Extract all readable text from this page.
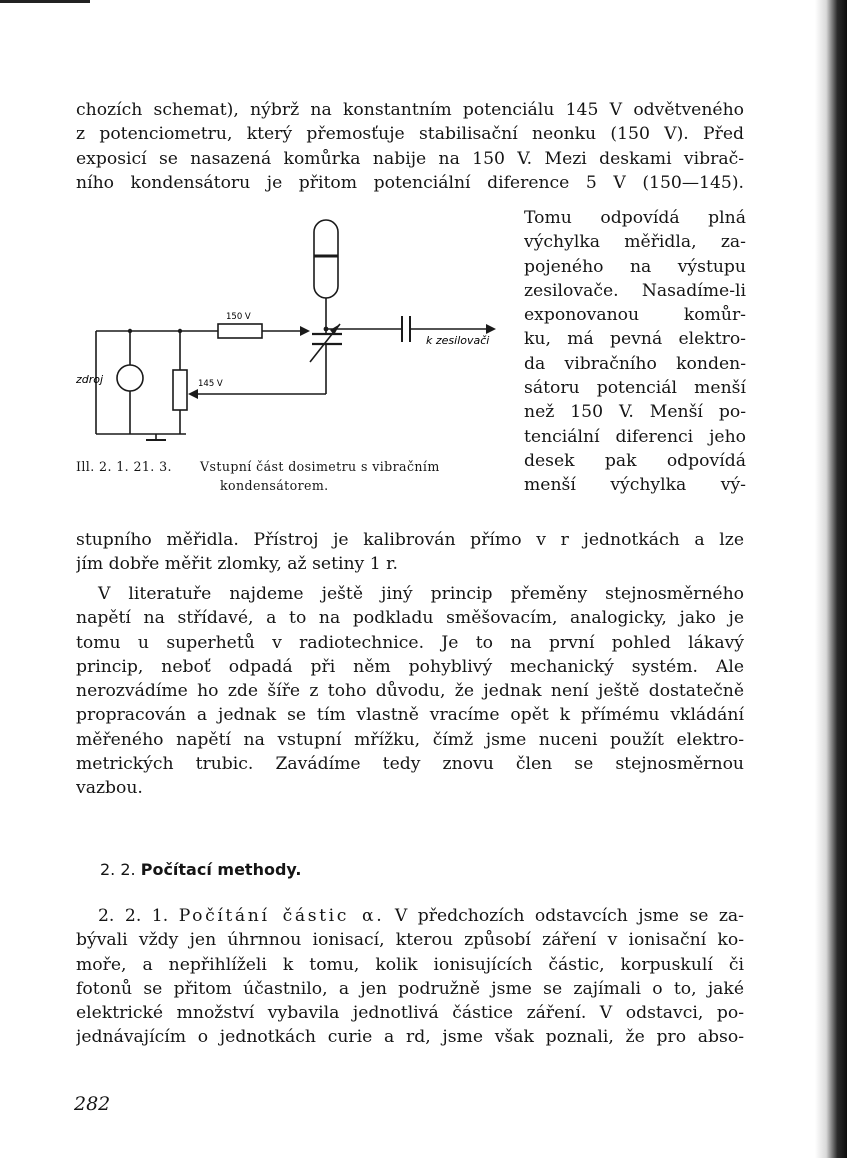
chozích schemat), nýbrž na konstantním potenciálu 145 V odvětveného
z potenciometru, který přemosťuje stabilisační neonku (150 V). Před
exposicí se nasazená komůrka nabije na 150 V. Mezi deskami vibrač-
ního kondensátoru je přitom potenciální diference 5 V (150—145).
zdroj
150 V
145 V
k zesilovači
Ill. 2. 1. 21. 3. Vstupní část dosimetru s vibračním
kondensátorem.
Tomu odpovídá plná
výchylka měřidla, za-
pojeného na výstupu
zesilovače. Nasadíme-li
exponovanou komůr-
ku, má pevná elektro-
da vibračního konden-
sátoru potenciál menší
než 150 V. Menší po-
tenciální diferenci jeho
desek pak odpovídá
menší výchylka vý-
stupního měřidla. Přístroj je kalibrován přímo v r jednotkách a lze
jím dobře měřit zlomky, až setiny 1 r.
V literatuře najdeme ještě jiný princip přeměny stejnosměrného
napětí na střídavé, a to na podkladu směšovacím, analogicky, jako je
tomu u superhetů v radiotechnice. Je to na první pohled lákavý
princip, neboť odpadá při něm pohyblivý mechanický systém. Ale
nerozvádíme ho zde šíře z toho důvodu, že jednak není ještě dostatečně
propracován a jednak se tím vlastně vracíme opět k přímému vkládání
měřeného napětí na vstupní mřížku, čímž jsme nuceni použít elektro-
metrických trubic. Zavádíme tedy znovu člen se stejnosměrnou
vazbou.
2. 2. Počítací methody.
2. 2. 1. Počítání částic α. V předchozích odstavcích jsme se za-
bývali vždy jen úhrnnou ionisací, kterou způsobí záření v ionisační ko-
moře, a nepřihlíželi k tomu, kolik ionisujících částic, korpuskulí či
fotonů se přitom účastnilo, a jen podružně jsme se zajímali o to, jaké
elektrické množství vybavila jednotlivá částice záření. V odstavci, po-
jednávajícím o jednotkách curie a rd, jsme však poznali, že pro abso-
282
